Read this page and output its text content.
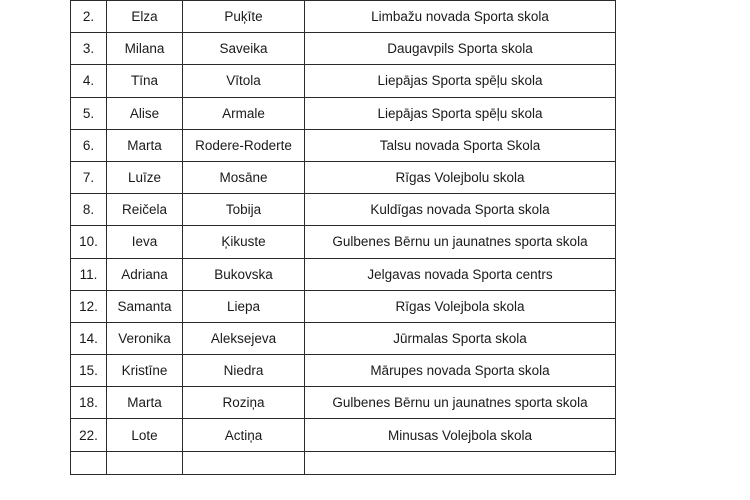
2.	Elza	Puķīte	Limbažu novada Sporta skola
3.	Milana	Saveika	Daugavpils Sporta skola
4.	Tīna	Vītola	Liepājas Sporta spēļu skola
5.	Alise	Armale	Liepājas Sporta spēļu skola
6.	Marta	Rodere-Roderte	Talsu novada Sporta Skola
7.	Luīze	Mosāne	Rīgas Volejbolu skola
8.	Reičela	Tobija	Kuldīgas novada Sporta skola
10.	Ieva	Ķikuste	Gulbenes Bērnu un jaunatnes sporta skola
11.	Adriana	Bukovska	Jelgavas novada Sporta centrs
12.	Samanta	Liepa	Rīgas Volejbola skola
14.	Veronika	Aleksejeva	Jūrmalas Sporta skola
15.	Kristīne	Niedra	Mārupes novada Sporta skola
18.	Marta	Roziņa	Gulbenes Bērnu un jaunatnes sporta skola
22.	Lote	Actiņa	Minusas Volejbola skola
